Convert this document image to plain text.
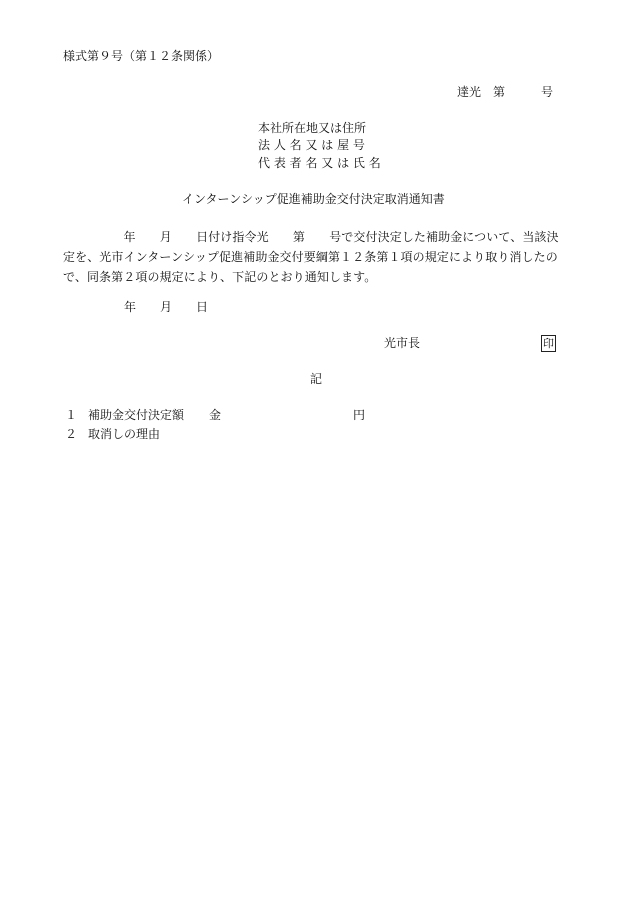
様式第９号（第１２条関係）
達光　第　　　号
本社所在地又は住所
法 人 名 又 は 屋 号
代 表 者 名 又 は 氏 名
インターンシップ促進補助金交付決定取消通知書
　　　　　年　　月　　日付け指令光　　第　　号で交付決定した補助金について、当該決
定を、光市インターンシップ促進補助金交付要綱第１２条第１項の規定により取り消したの
で、同条第２項の規定により、下記のとおり通知します。
年　　月　　日
光市長	印
記
１ 補助金交付決定額 金　　　　　　　　　　　円
２ 取消しの理由
